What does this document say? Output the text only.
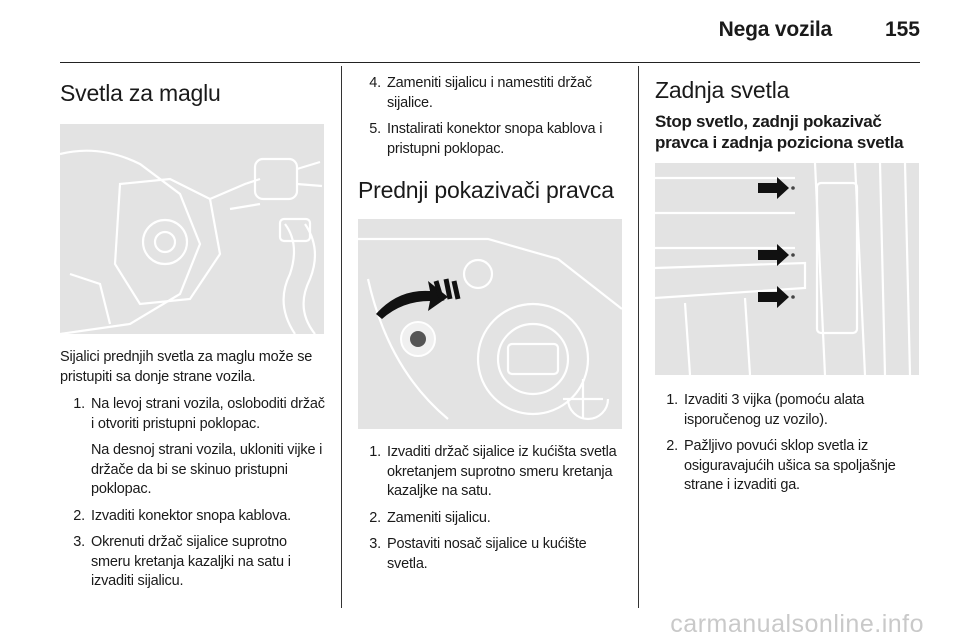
Nega vozila	155
Svetla za maglu

Sijalici prednjih svetla za maglu može se pristupiti sa donje strane vozila.

1. Na levoj strani vozila, osloboditi držač i otvoriti pristupni poklopac.
Na desnoj strani vozila, ukloniti vijke i držače da bi se skinuo pristupni poklopac.
2. Izvaditi konektor snopa kablova.
3. Okrenuti držač sijalice suprotno smeru kretanja kazaljki na satu i izvaditi sijalicu.
4. Zameniti sijalicu i namestiti držač sijalice.
5. Instalirati konektor snopa kablova i pristupni poklopac.
Prednji pokazivači pravca
1. Izvaditi držač sijalice iz kućišta svetla okretanjem suprotno smeru kretanja kazaljke na satu.
2. Zameniti sijalicu.
3. Postaviti nosač sijalice u kućište svetla.
Zadnja svetla
Stop svetlo, zadnji pokazivač pravca i zadnja poziciona svetla
1. Izvaditi 3 vijka (pomoću alata isporučenog uz vozilo).
2. Pažljivo povući sklop svetla iz osiguravajućih ušica sa spoljašnje strane i izvaditi ga.
carmanualsonline.info
